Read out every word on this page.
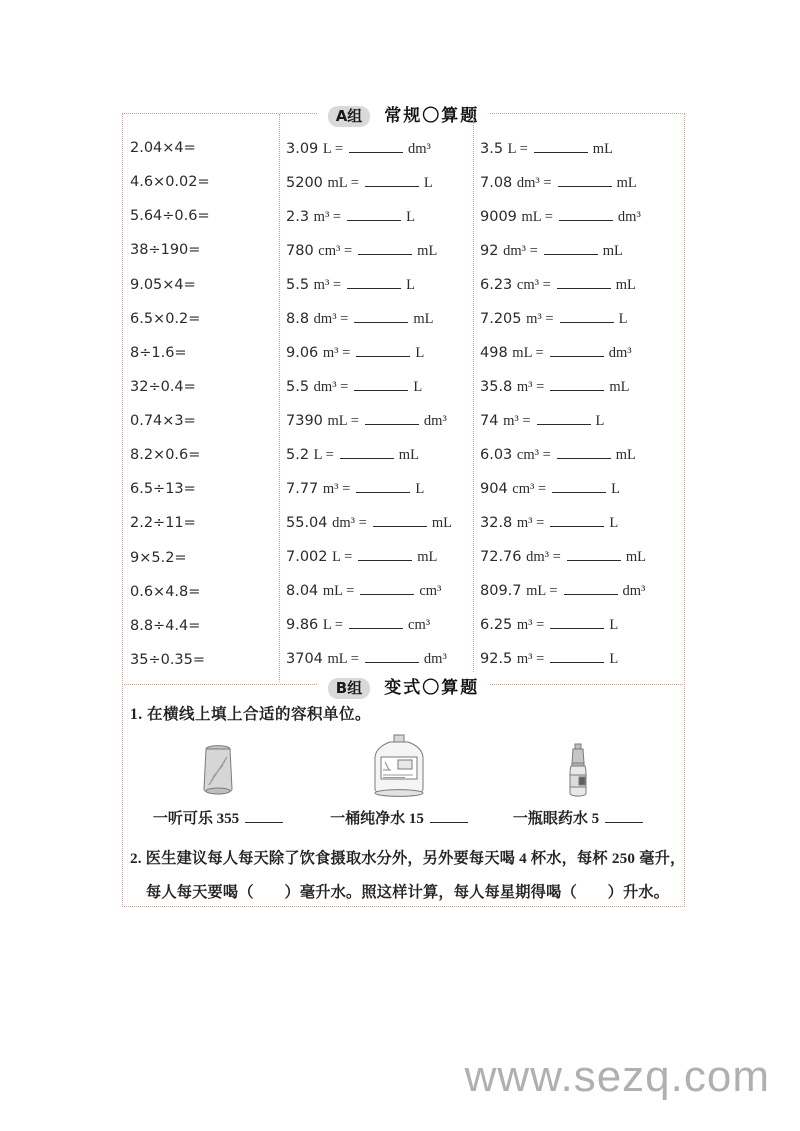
A组 常规〇算题
2.04×4=
4.6×0.02=
5.64÷0.6=
38÷190=
9.05×4=
6.5×0.2=
8÷1.6=
32÷0.4=
0.74×3=
8.2×0.6=
6.5÷13=
2.2÷11=
9×5.2=
0.6×4.8=
8.8÷4.4=
35÷0.35=
3.09 L =	dm³
5200 mL =	L
2.3 m³ =	L
780 cm³ =	mL
5.5 m³ =	L
8.8 dm³ =	mL
9.06 m³ =	L
5.5 dm³ =	L
7390 mL =	dm³
5.2 L =	mL
7.77 m³ =	L
55.04 dm³ =	mL
7.002 L =	mL
8.04 mL =	cm³
9.86 L =	cm³
3704 mL =	dm³
3.5 L =	mL
7.08 dm³ =	mL
9009 mL =	dm³
92 dm³ =	mL
6.23 cm³ =	mL
7.205 m³ =	L
498 mL =	dm³
35.8 m³ =	mL
74 m³ =	L
6.03 cm³ =	mL
904 cm³ =	L
32.8 m³ =	L
72.76 dm³ =	mL
809.7 mL =	dm³
6.25 m³ =	L
92.5 m³ =	L
B组 变式〇算题
1. 在横线上填上合适的容积单位。
一听可乐 355	一桶纯净水 15	一瓶眼药水 5
2. 医生建议每人每天除了饮食摄取水分外，另外要每天喝 4 杯水，每杯 250 毫升，
每人每天要喝（　　）毫升水。照这样计算，每人每星期得喝（　　）升水。
www.sezq.com
